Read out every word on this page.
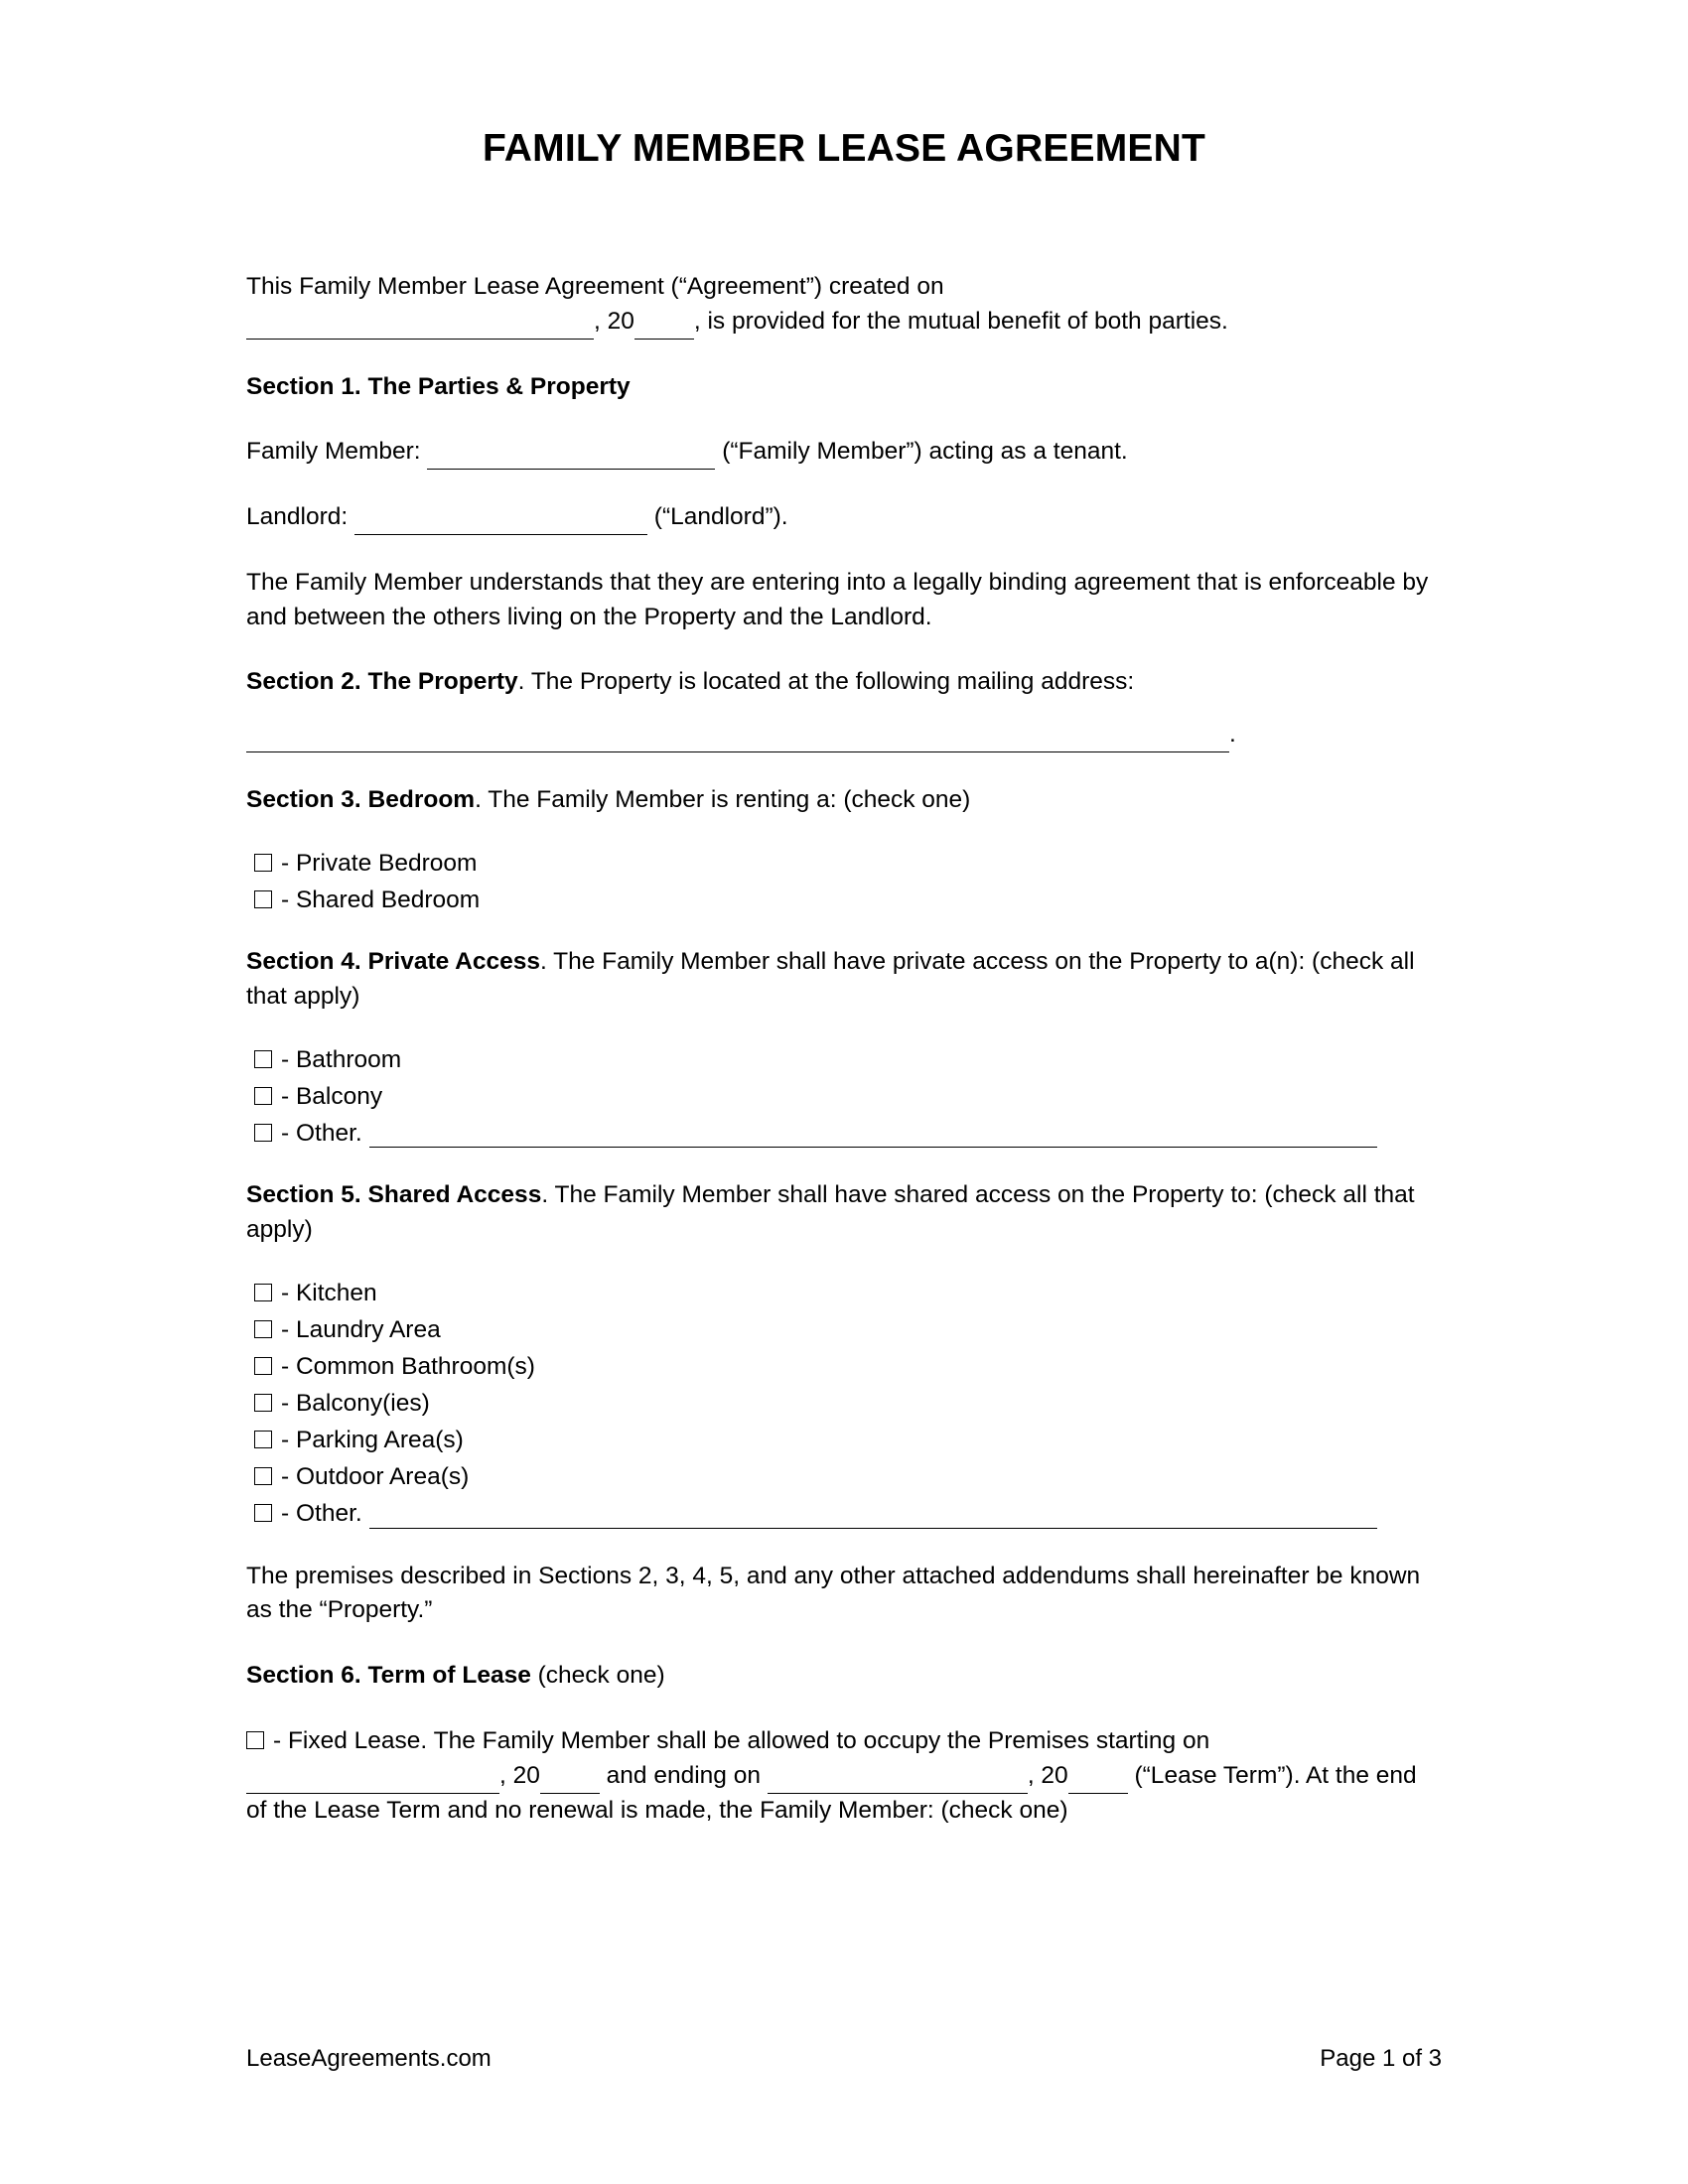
FAMILY MEMBER LEASE AGREEMENT

This Family Member Lease Agreement (“Agreement”) created on
, 20 , is provided for the mutual benefit of both parties.

Section 1. The Parties & Property

Family Member:	(“Family Member”) acting as a tenant.

Landlord:	(“Landlord”).

The Family Member understands that they are entering into a legally binding agreement that is enforceable by and between the others living on the Property and the Landlord.

Section 2. The Property. The Property is located at the following mailing address:

.

Section 3. Bedroom. The Family Member is renting a: (check one)

- Private Bedroom
- Shared Bedroom

Section 4. Private Access. The Family Member shall have private access on the Property to a(n): (check all that apply)

- Bathroom
- Balcony
- Other.

Section 5. Shared Access. The Family Member shall have shared access on the Property to: (check all that apply)

- Kitchen
- Laundry Area
- Common Bathroom(s)
- Balcony(ies)
- Parking Area(s)
- Outdoor Area(s)
- Other.

The premises described in Sections 2, 3, 4, 5, and any other attached addendums shall hereinafter be known as the “Property.”

Section 6. Term of Lease (check one)

- Fixed Lease. The Family Member shall be allowed to occupy the Premises starting on , 20 and ending on	, 20 (“Lease Term”). At the end of the Lease Term and no renewal is made, the Family Member: (check one)

LeaseAgreements.com	Page 1 of 3
